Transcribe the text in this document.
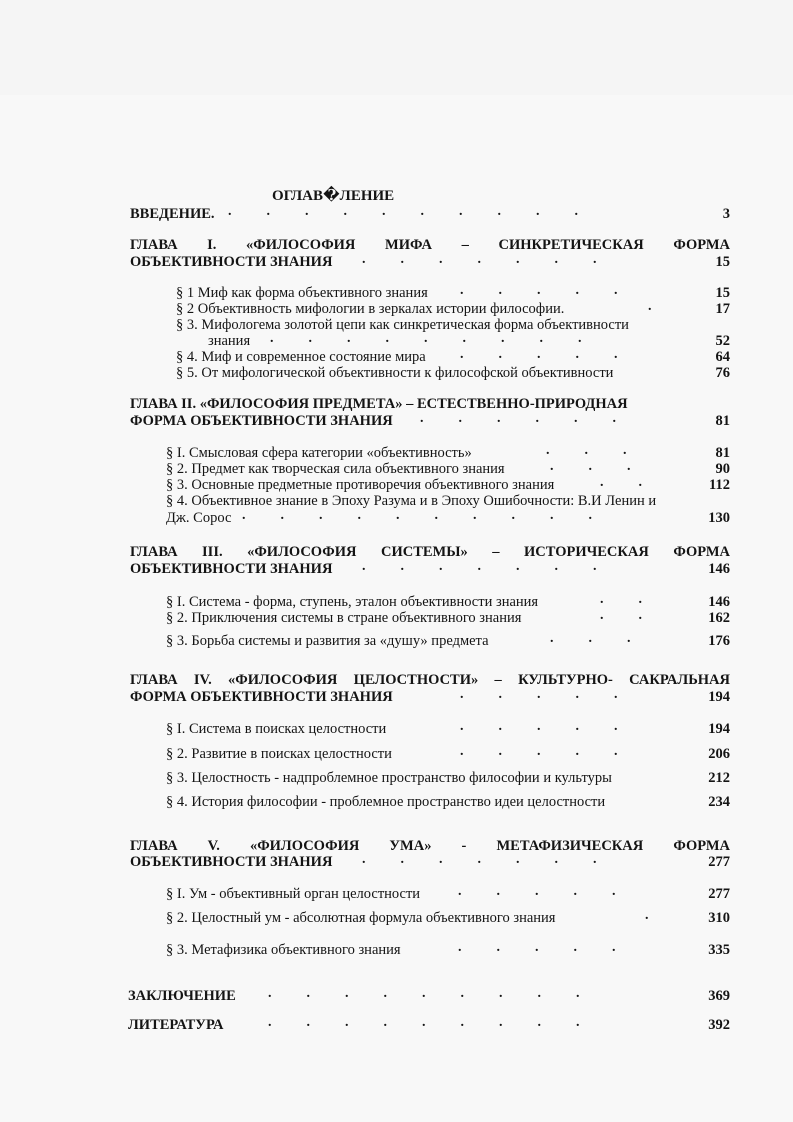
ОГЛАВ�ЛЕНИЕ
ВВЕДЕНИЕ. .          .          .          .          .          .          .          .          .          .	3
ГЛАВА I. «ФИЛОСОФИЯ МИФА – СИНКРЕТИЧЕСКАЯ ФОРМА
ОБЪЕКТИВНОСТИ ЗНАНИЯ .          .          .          .          .          .          .	15
§ 1 Миф как форма объективного знания .          .          .          .          .	15
§ 2 Объективность мифологии в зеркалах истории философии.	.	17
§ 3. Мифологема золотой цепи как синкретическая форма объективности
знания .          .          .          .          .          .          .          .          .	52
§ 4. Миф и современное состояние мира .          .          .          .          .	64
§ 5. От мифологической объективности к философской объективности	76
ГЛАВА II. «ФИЛОСОФИЯ ПРЕДМЕТА» – ЕСТЕСТВЕННО-ПРИРОДНАЯ
ФОРМА ОБЪЕКТИВНОСТИ ЗНАНИЯ .          .          .          .          .          .	81
§ I. Смысловая сфера категории «объективность»	.          .          .	81
§ 2. Предмет как творческая сила объективного знания	.          .          .	90
§ 3. Основные предметные противоречия объективного знания	.          .	112
§ 4. Объективное знание в Эпоху Разума и в Эпоху Ошибочности: В.И Ленин и
Дж. Сорос .          .          .          .          .          .          .          .          .          .	130
ГЛАВА III. «ФИЛОСОФИЯ СИСТЕМЫ» – ИСТОРИЧЕСКАЯ ФОРМА
ОБЪЕКТИВНОСТИ ЗНАНИЯ .          .          .          .          .          .          .	146
§ I. Система - форма, ступень, эталон объективности знания	.          .	146
§ 2. Приключения системы в стране объективного знания	.          .	162
§ 3. Борьба системы и развития за «душу» предмета	.          .          .	176
ГЛАВА IV. «ФИЛОСОФИЯ ЦЕЛОСТНОСТИ» – КУЛЬТУРНО- САКРАЛЬНАЯ
ФОРМА ОБЪЕКТИВНОСТИ ЗНАНИЯ	.          .          .          .          .	194
§ I. Система в поисках целостности	.          .          .          .          .	194
§ 2. Развитие в поисках целостности	.          .          .          .          .	206
§ 3. Целостность - надпроблемное пространство философии и культуры	212
§ 4. История философии - проблемное пространство идеи целостности	234
ГЛАВА V. «ФИЛОСОФИЯ УМА» - МЕТАФИЗИЧЕСКАЯ ФОРМА
ОБЪЕКТИВНОСТИ ЗНАНИЯ .          .          .          .          .          .          .	277
§ I. Ум - объективный орган целостности	.          .          .          .          .	277
§ 2. Целостный ум - абсолютная формула объективного знания	.	310
§ 3. Метафизика объективного знания	.          .          .          .          .	335
ЗАКЛЮЧЕНИЕ .          .          .          .          .          .          .          .          .	369
ЛИТЕРАТУРА	.          .          .          .          .          .          .          .          .	392
